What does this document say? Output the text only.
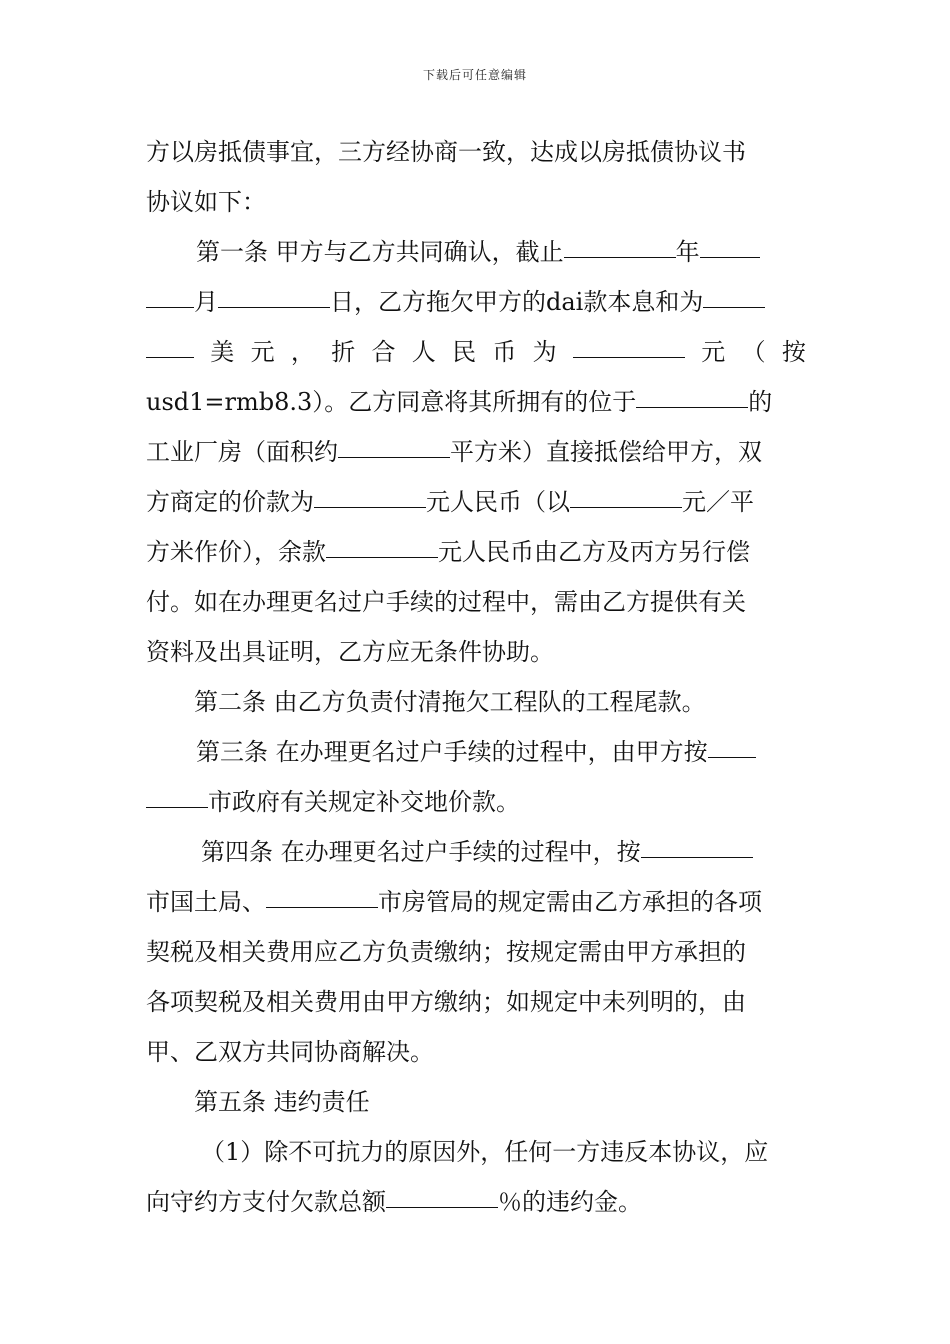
下载后可任意编辑
方以房抵债事宜，三方经协商一致，达成以房抵债协议书
协议如下：
第一条 甲方与乙方共同确认，截止	年
月	日，乙方拖欠甲方的dai款本息和为
美 元 ， 折 合 人 民 币 为	元 （ 按
usd1=rmb8.3）。乙方同意将其所拥有的位于	的
工业厂房（面积约	平方米）直接抵偿给甲方，双
方商定的价款为	元人民币（以	元／平
方米作价），余款	元人民币由乙方及丙方另行偿
付。如在办理更名过户手续的过程中，需由乙方提供有关
资料及出具证明，乙方应无条件协助。
第二条 由乙方负责付清拖欠工程队的工程尾款。
第三条 在办理更名过户手续的过程中，由甲方按
市政府有关规定补交地价款。
第四条 在办理更名过户手续的过程中，按
市国土局、	市房管局的规定需由乙方承担的各项
契税及相关费用应乙方负责缴纳；按规定需由甲方承担的
各项契税及相关费用由甲方缴纳；如规定中未列明的，由
甲、乙双方共同协商解决。
第五条 违约责任
（1）除不可抗力的原因外，任何一方违反本协议，应
向守约方支付欠款总额	％的违约金。
